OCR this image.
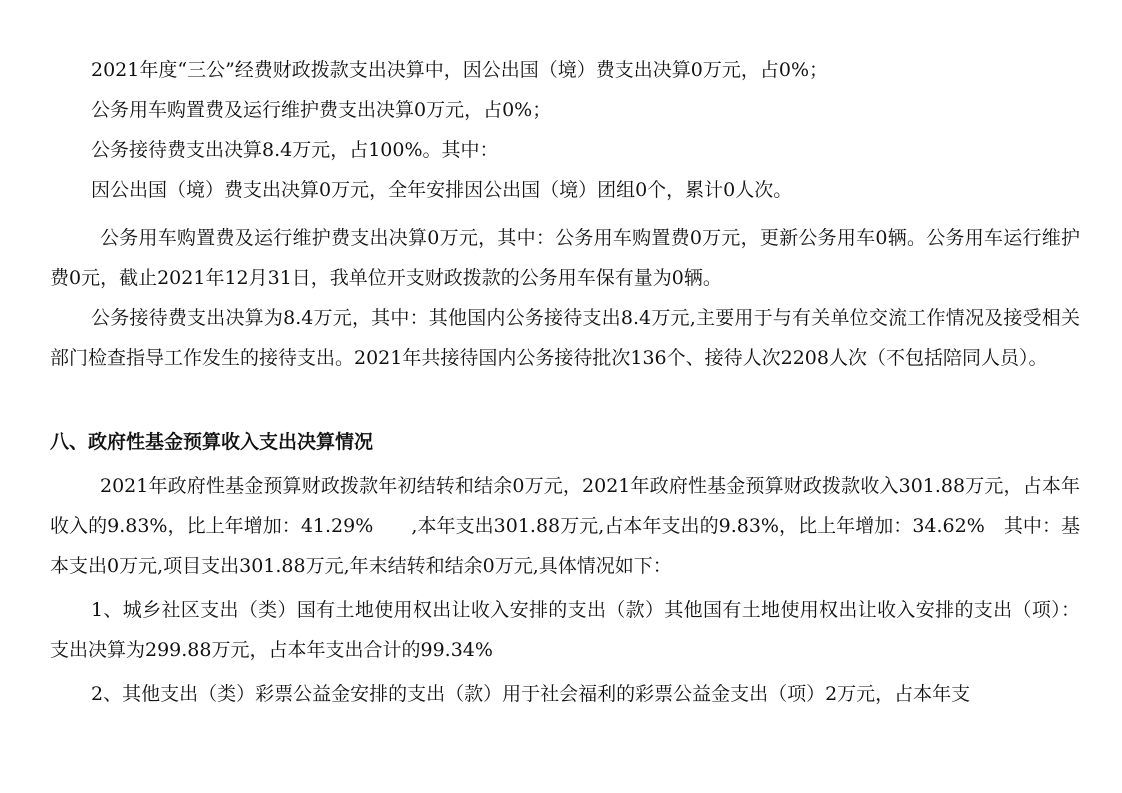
2021年度“三公”经费财政拨款支出决算中，因公出国（境）费支出决算0万元，占0%；
公务用车购置费及运行维护费支出决算0万元，占0%；
公务接待费支出决算8.4万元，占100%。其中：
因公出国（境）费支出决算0万元，全年安排因公出国（境）团组0个，累计0人次。
公务用车购置费及运行维护费支出决算0万元，其中：公务用车购置费0万元，更新公务用车0辆。公务用车运行维护费0元，截止2021年12月31日，我单位开支财政拨款的公务用车保有量为0辆。
公务接待费支出决算为8.4万元，其中：其他国内公务接待支出8.4万元,主要用于与有关单位交流工作情况及接受相关部门检查指导工作发生的接待支出。2021年共接待国内公务接待批次136个、接待人次2208人次（不包括陪同人员）。
八、政府性基金预算收入支出决算情况
2021年政府性基金预算财政拨款年初结转和结余0万元，2021年政府性基金预算财政拨款收入301.88万元，占本年收入的9.83%，比上年增加：41.29%　　,本年支出301.88万元,占本年支出的9.83%，比上年增加：34.62%　其中：基本支出0万元,项目支出301.88万元,年末结转和结余0万元,具体情况如下：
1、城乡社区支出（类）国有土地使用权出让收入安排的支出（款）其他国有土地使用权出让收入安排的支出（项）：支出决算为299.88万元，占本年支出合计的99.34%
2、其他支出（类）彩票公益金安排的支出（款）用于社会福利的彩票公益金支出（项）2万元，占本年支
